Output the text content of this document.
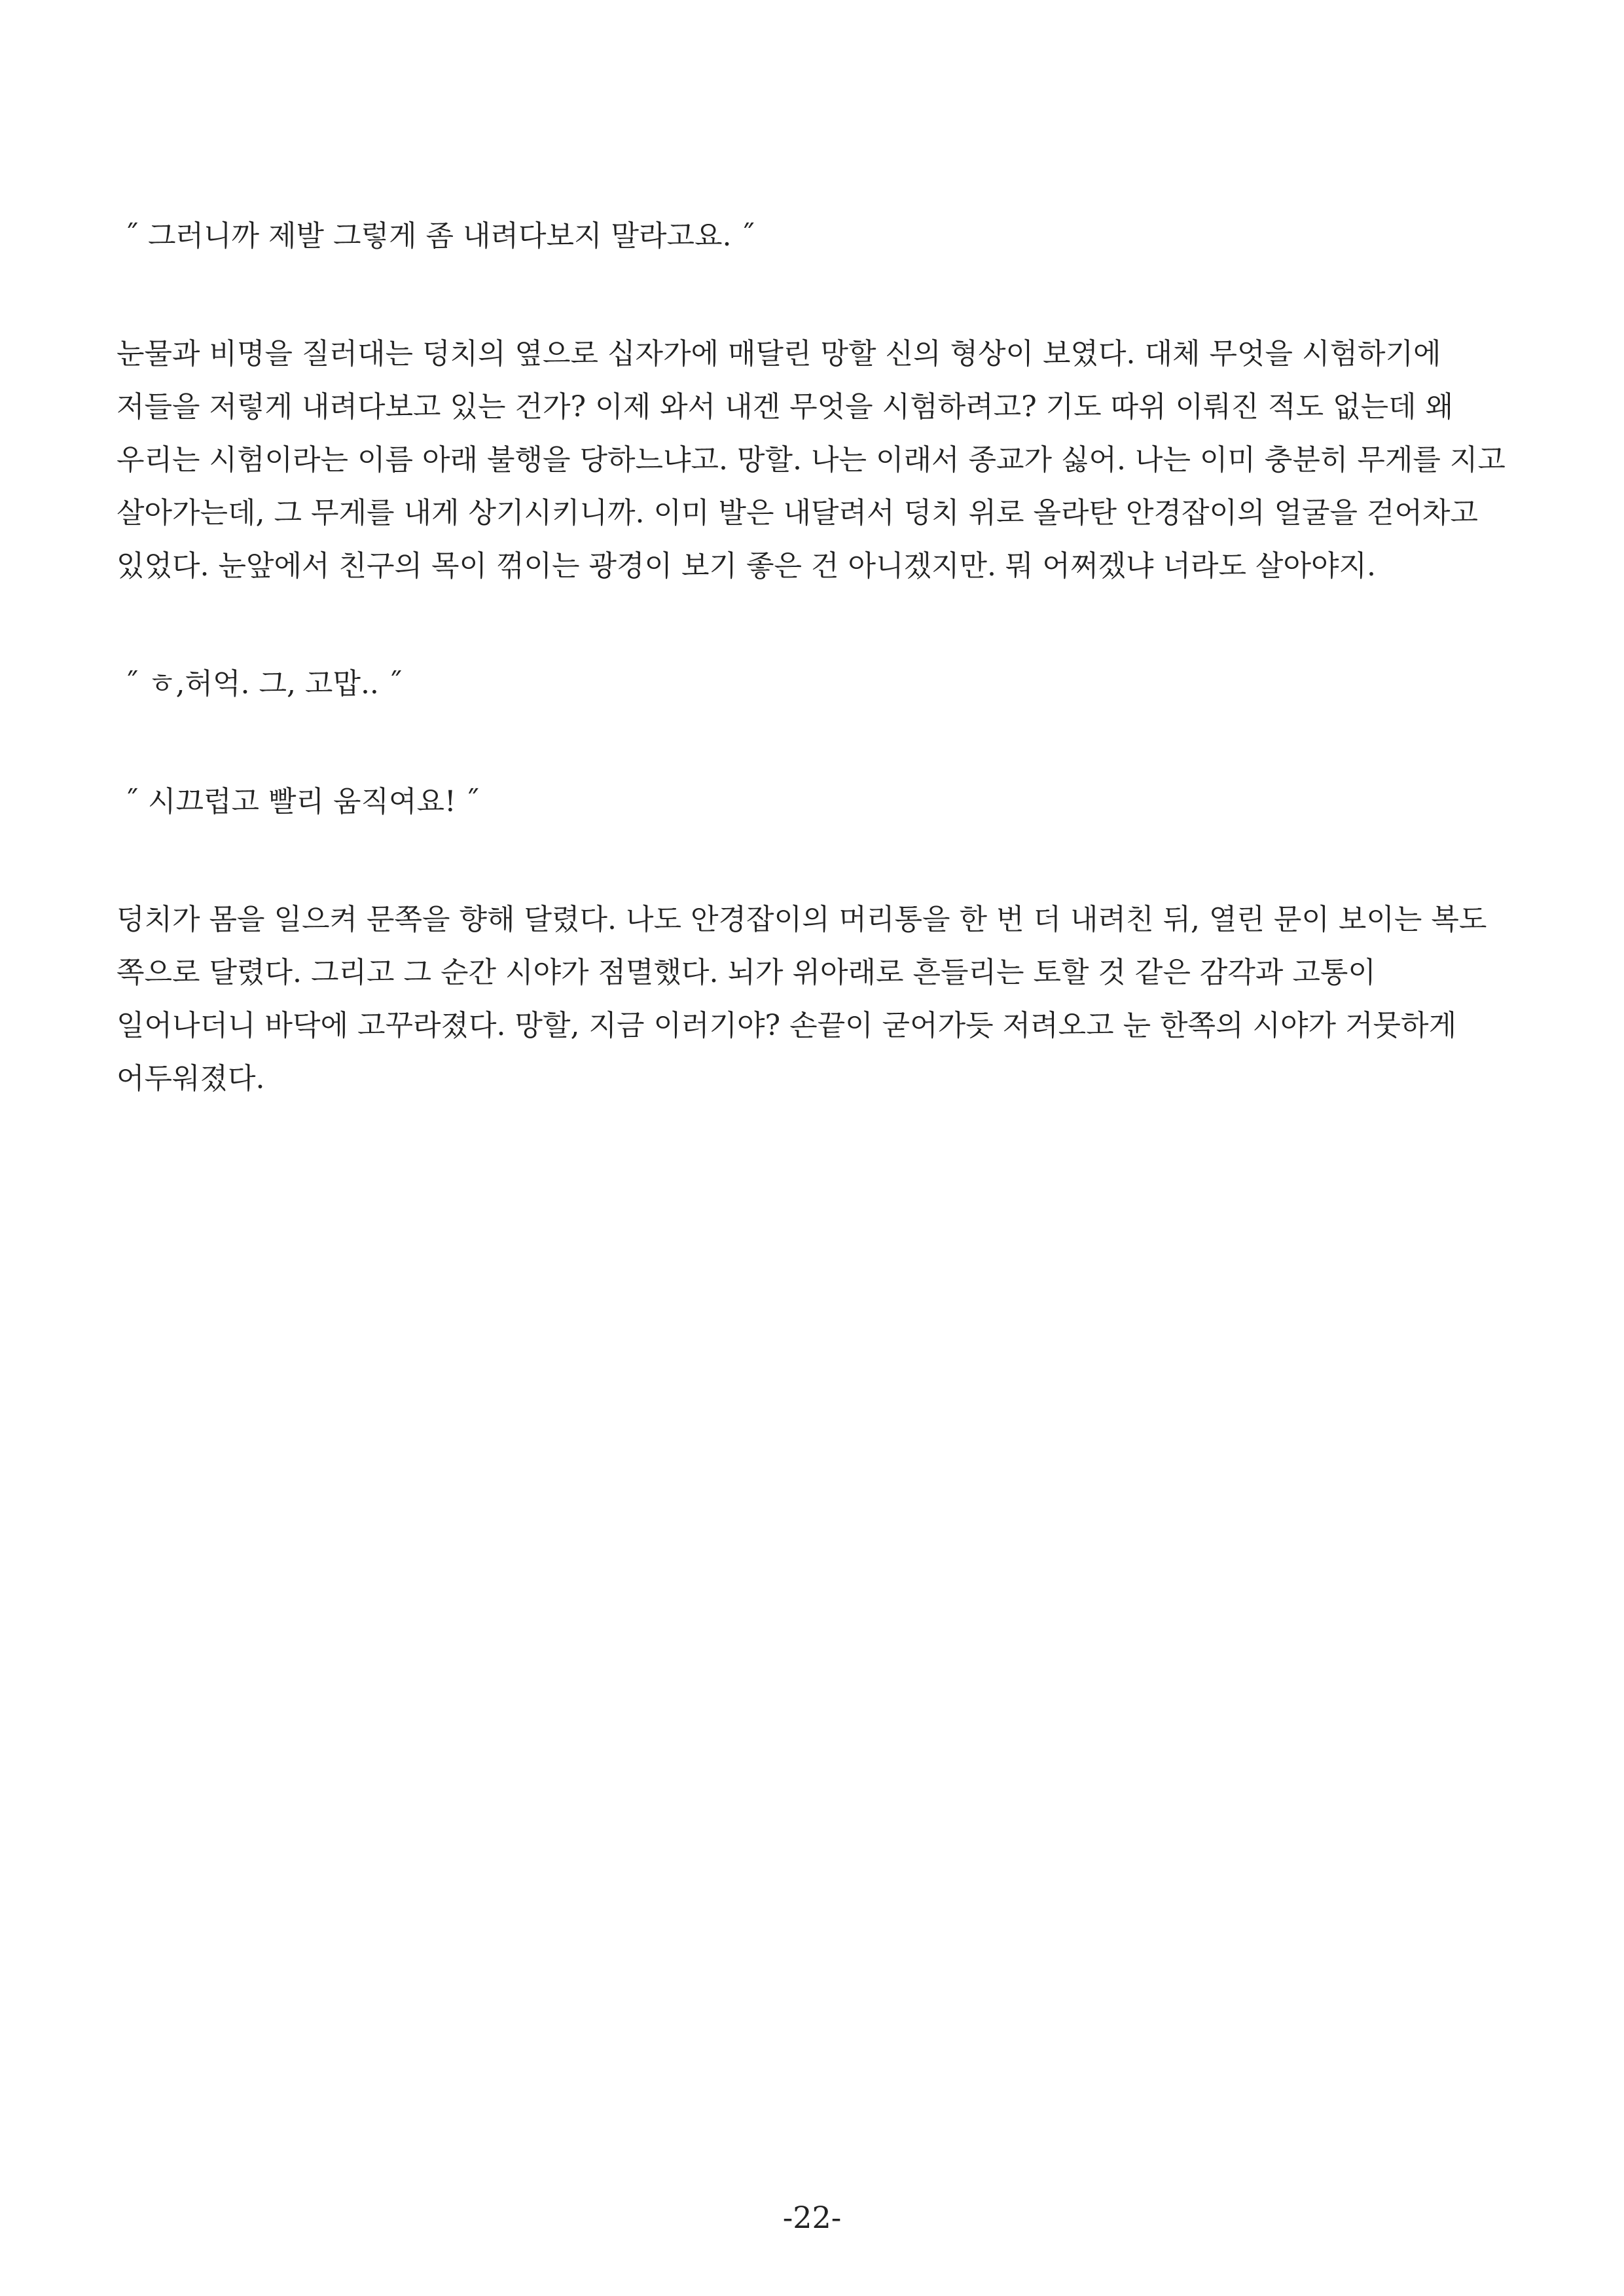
˝ 그러니까 제발 그렇게 좀 내려다보지 말라고요. ˝

눈물과 비명을 질러대는 덩치의 옆으로 십자가에 매달린 망할 신의 형상이 보였다. 대체 무엇을 시험하기에 저들을 저렇게 내려다보고 있는 건가? 이제 와서 내겐 무엇을 시험하려고? 기도 따위 이뤄진 적도 없는데 왜 우리는 시험이라는 이름 아래 불행을 당하느냐고. 망할. 나는 이래서 종교가 싫어. 나는 이미 충분히 무게를 지고 살아가는데, 그 무게를 내게 상기시키니까. 이미 발은 내달려서 덩치 위로 올라탄 안경잡이의 얼굴을 걷어차고 있었다. 눈앞에서 친구의 목이 꺾이는 광경이 보기 좋은 건 아니겠지만. 뭐 어쩌겠냐 너라도 살아야지.

˝ ㅎ,허억. 그, 고맙.. ˝

˝ 시끄럽고 빨리 움직여요! ˝

덩치가 몸을 일으켜 문쪽을 향해 달렸다. 나도 안경잡이의 머리통을 한 번 더 내려친 뒤, 열린 문이 보이는 복도 쪽으로 달렸다. 그리고 그 순간 시야가 점멸했다. 뇌가 위아래로 흔들리는 토할 것 같은 감각과 고통이 일어나더니 바닥에 고꾸라졌다. 망할, 지금 이러기야? 손끝이 굳어가듯 저려오고 눈 한쪽의 시야가 거뭇하게 어두워졌다.

-22-
